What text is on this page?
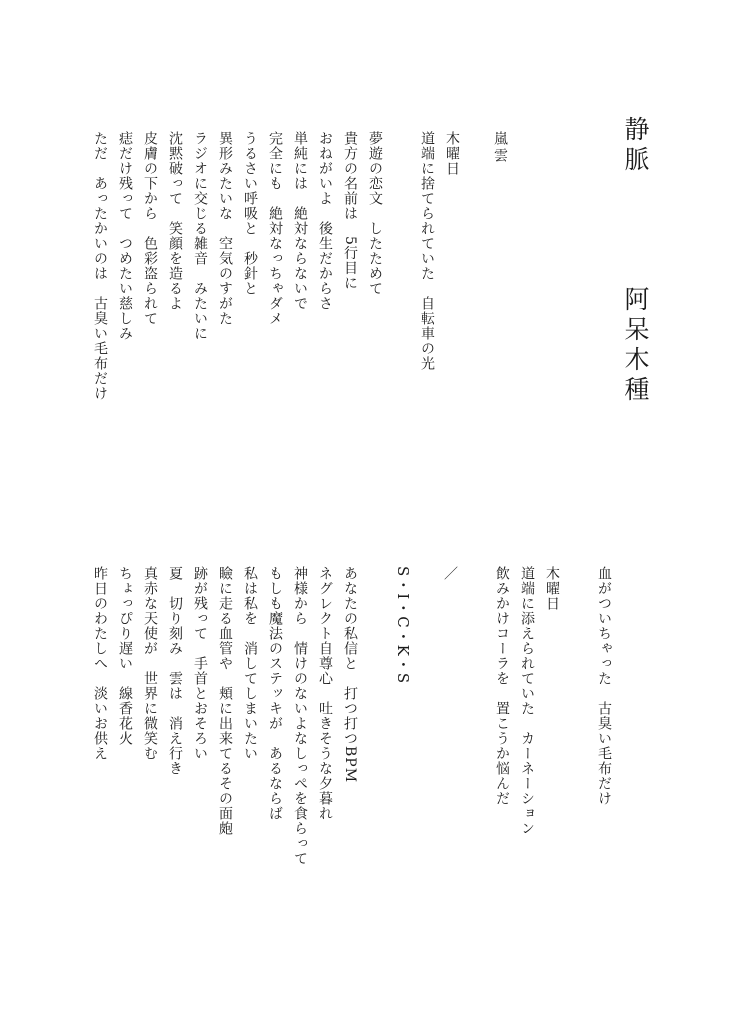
静脈
阿呆木種
嵐雲
木曜日
道端に捨てられていた　自転車の光
夢遊の恋文　したためて
貴方の名前は　5行目に
おねがいよ　後生だからさ
単純には　絶対ならないで
完全にも　絶対なっちゃダメ
うるさい呼吸と　秒針と
異形みたいな　空気のすがた
ラジオに交じる雑音　みたいに
沈黙破って　笑顔を造るよ
皮膚の下から　色彩盗られて
痣だけ残って　つめたい慈しみ
ただ　あったかいのは　古臭い毛布だけ
血がついちゃった　古臭い毛布だけ
木曜日
道端に添えられていた　カーネーション
飲みかけコーラを　置こうか悩んだ
／
S・I・C・K・S
あなたの私信と　打つ打つBPM
ネグレクト自尊心　吐きそうな夕暮れ
神様から　情けのないよなしっぺを食らって
もしも魔法のステッキが　あるならば
私は私を　消してしまいたい
瞼に走る血管や　頬に出来てるその面皰
跡が残って　手首とおそろい
夏　切り刻み　雲は　消え行き
真赤な天使が　世界に微笑む
ちょっぴり遅い　線香花火
昨日のわたしへ　淡いお供え
